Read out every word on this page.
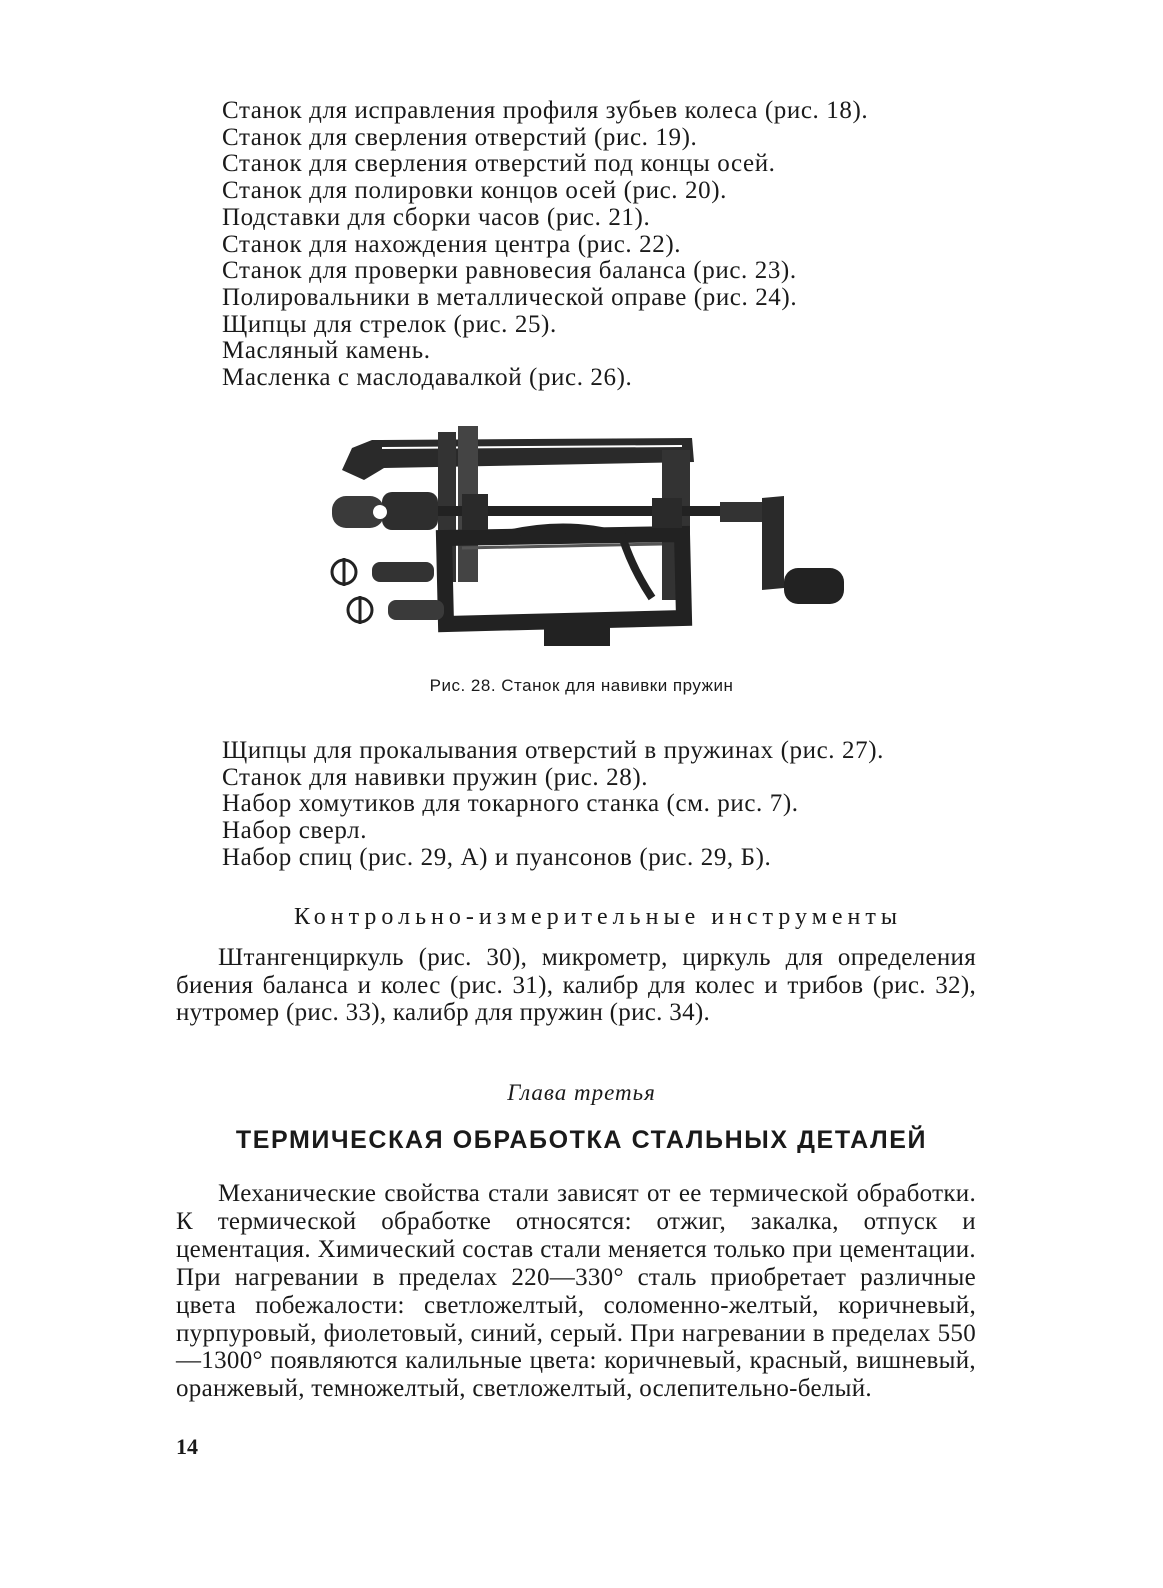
Станок для исправления профиля зубьев колеса (рис. 18).
Станок для сверления отверстий (рис. 19).
Станок для сверления отверстий под концы осей.
Станок для полировки концов осей (рис. 20).
Подставки для сборки часов (рис. 21).
Станок для нахождения центра (рис. 22).
Станок для проверки равновесия баланса (рис. 23).
Полировальники в металлической оправе (рис. 24).
Щипцы для стрелок (рис. 25).
Масляный камень.
Масленка с маслодавалкой (рис. 26).
Рис. 28. Станок для навивки пружин
Щипцы для прокалывания отверстий в пружинах (рис. 27).
Станок для навивки пружин (рис. 28).
Набор хомутиков для токарного станка (см. рис. 7).
Набор сверл.
Набор спиц (рис. 29, А) и пуансонов (рис. 29, Б).
Контрольно-измерительные инструменты

Штангенциркуль (рис. 30), микрометр, циркуль для определения биения баланса и колес (рис. 31), калибр для колес и трибов (рис. 32), нутромер (рис. 33), калибр для пружин (рис. 34).

Глава третья
ТЕРМИЧЕСКАЯ ОБРАБОТКА СТАЛЬНЫХ ДЕТАЛЕЙ

Механические свойства стали зависят от ее термической обработки. К термической обработке относятся: отжиг, закалка, отпуск и цементация. Химический состав стали меняется только при цементации. При нагревании в пределах 220—330° сталь приобретает различные цвета побежалости: светложелтый, соломенно-желтый, коричневый, пурпуровый, фиолетовый, синий, серый. При нагревании в пределах 550—1300° появляются калильные цвета: коричневый, красный, вишневый, оранжевый, темножелтый, светложелтый, ослепительно-белый.

14
